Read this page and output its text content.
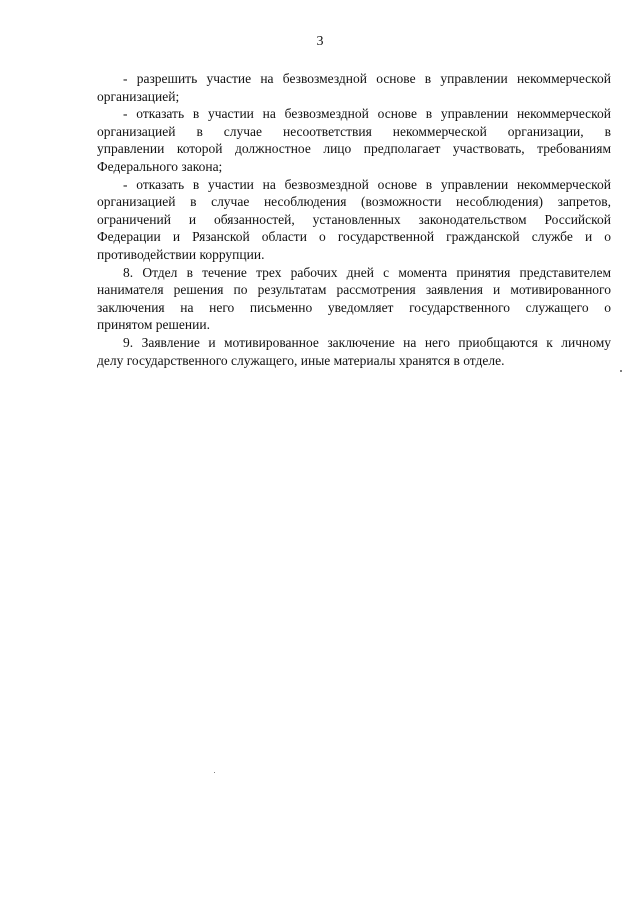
3
- разрешить участие на безвозмездной основе в управлении некоммерческой
организацией;
- отказать в участии на безвозмездной основе в управлении некоммерческой
организацией в случае несоответствия некоммерческой организации, в
управлении которой должностное лицо предполагает участвовать, требованиям
Федерального закона;
- отказать в участии на безвозмездной основе в управлении некоммерческой
организацией в случае несоблюдения (возможности несоблюдения) запретов,
ограничений и обязанностей, установленных законодательством Российской
Федерации и Рязанской области о государственной гражданской службе и о
противодействии коррупции.
8. Отдел в течение трех рабочих дней с момента принятия представителем
нанимателя решения по результатам рассмотрения заявления и мотивированного
заключения на него письменно уведомляет государственного служащего о
принятом решении.
9. Заявление и мотивированное заключение на него приобщаются к личному
делу государственного служащего, иные материалы хранятся в отделе.
